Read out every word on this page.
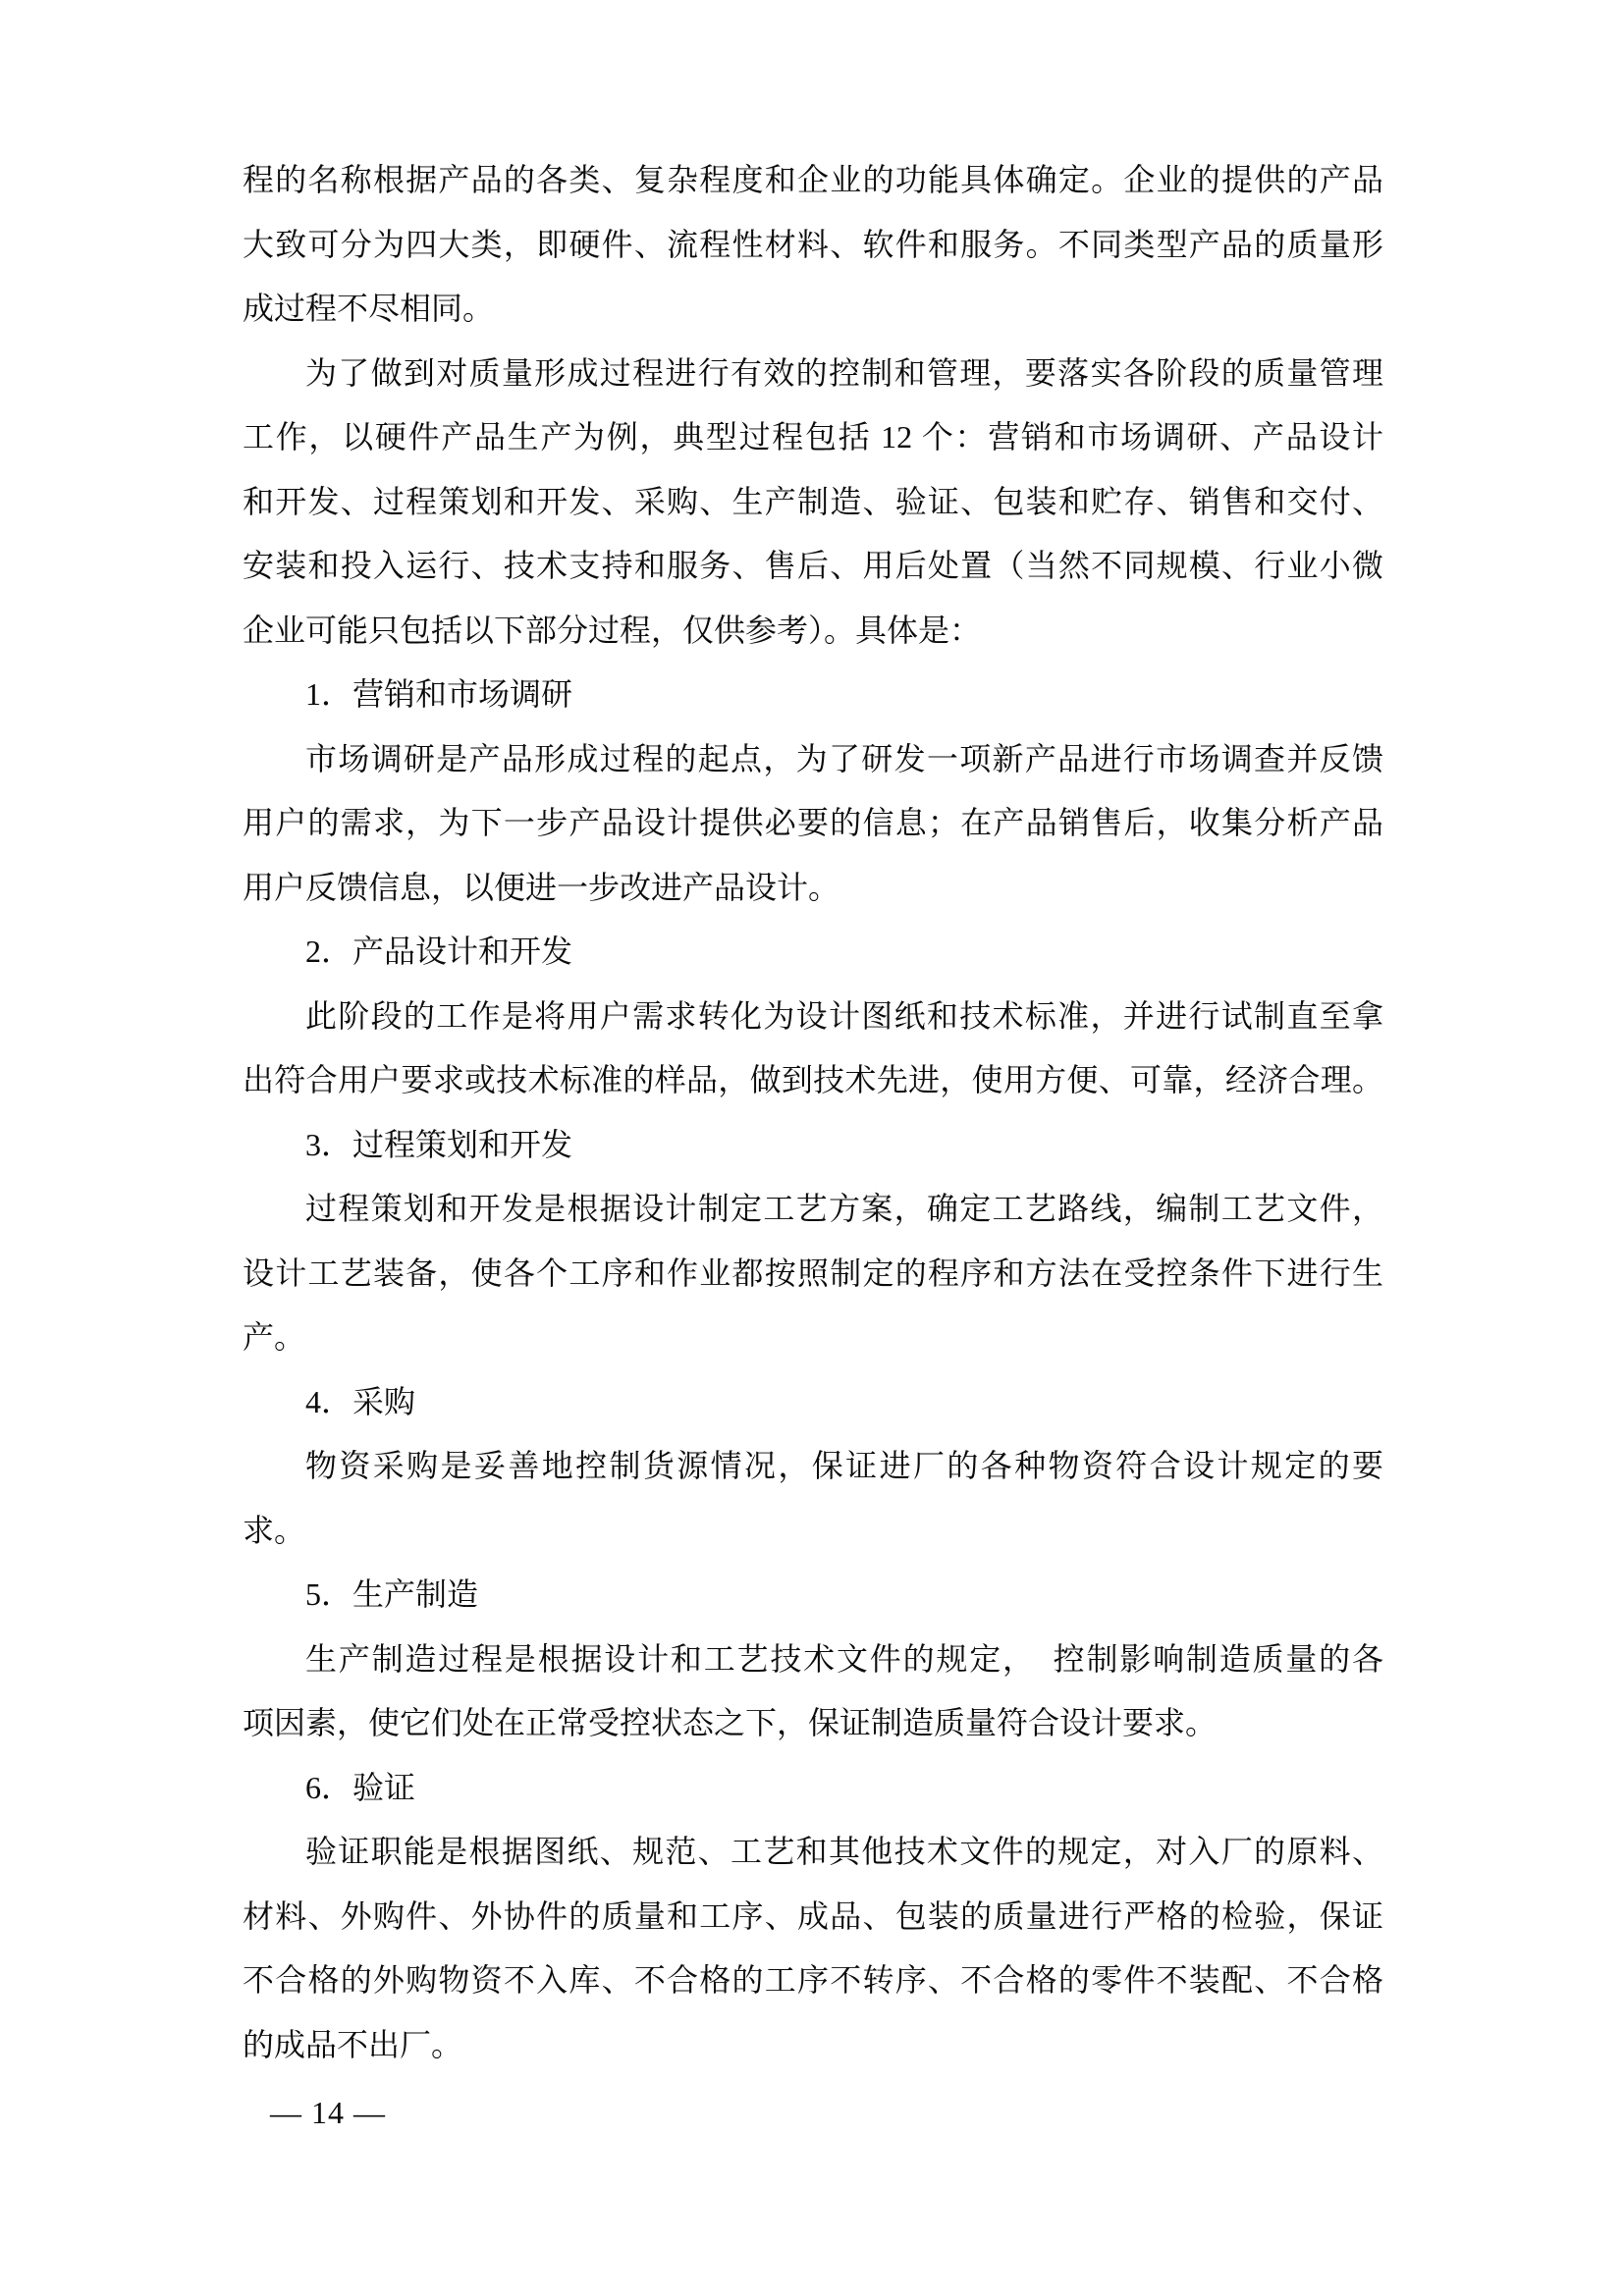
程的名称根据产品的各类、复杂程度和企业的功能具体确定。企业的提供的产品
大致可分为四大类，即硬件、流程性材料、软件和服务。不同类型产品的质量形
成过程不尽相同。
为了做到对质量形成过程进行有效的控制和管理，要落实各阶段的质量管理
工作，以硬件产品生产为例，典型过程包括 12 个：营销和市场调研、产品设计
和开发、过程策划和开发、采购、生产制造、验证、包装和贮存、销售和交付、
安装和投入运行、技术支持和服务、售后、用后处置（当然不同规模、行业小微
企业可能只包括以下部分过程，仅供参考）。具体是：
1．营销和市场调研
市场调研是产品形成过程的起点，为了研发一项新产品进行市场调查并反馈
用户的需求，为下一步产品设计提供必要的信息；在产品销售后，收集分析产品
用户反馈信息，以便进一步改进产品设计。
2．产品设计和开发
此阶段的工作是将用户需求转化为设计图纸和技术标准，并进行试制直至拿
出符合用户要求或技术标准的样品，做到技术先进，使用方便、可靠，经济合理。
3．过程策划和开发
过程策划和开发是根据设计制定工艺方案，确定工艺路线，编制工艺文件，
设计工艺装备，使各个工序和作业都按照制定的程序和方法在受控条件下进行生
产。
4．采购
物资采购是妥善地控制货源情况，保证进厂的各种物资符合设计规定的要
求。
5．生产制造
生产制造过程是根据设计和工艺技术文件的规定，　控制影响制造质量的各
项因素，使它们处在正常受控状态之下，保证制造质量符合设计要求。
6．验证
验证职能是根据图纸、规范、工艺和其他技术文件的规定，对入厂的原料、
材料、外购件、外协件的质量和工序、成品、包装的质量进行严格的检验，保证
不合格的外购物资不入库、不合格的工序不转序、不合格的零件不装配、不合格
的成品不出厂。
— 14 —
